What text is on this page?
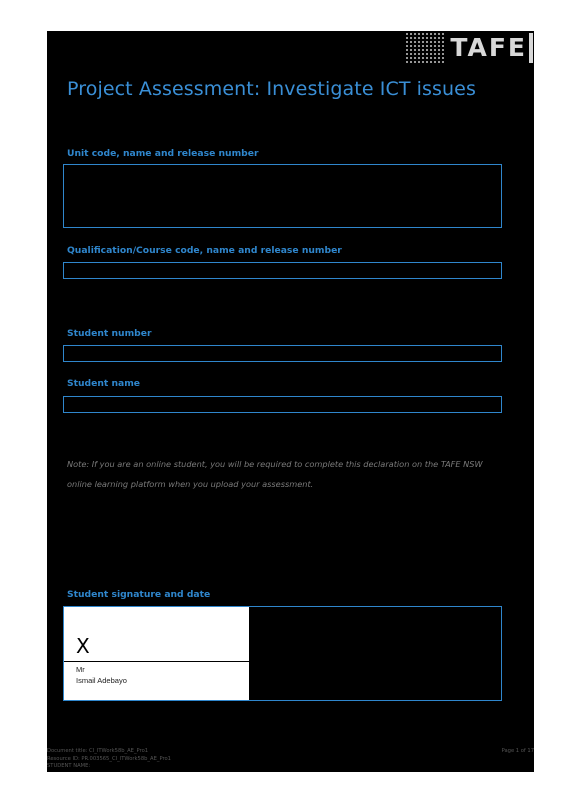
TAFE
Project Assessment: Investigate ICT issues

Unit code, name and release number

Qualification/Course code, name and release number

Student number

Student name

Note: If you are an online student, you will be required to complete this declaration on the TAFE NSW online learning platform when you upload your assessment.

Student signature and date

X
Mr
Ismail Adebayo
Document title: CI_ITWork58b_AE_Pro1
Resource ID: PR.003565_CI_ITWork58b_AE_Pro1
STUDENT NAME:
Page 1 of 17
